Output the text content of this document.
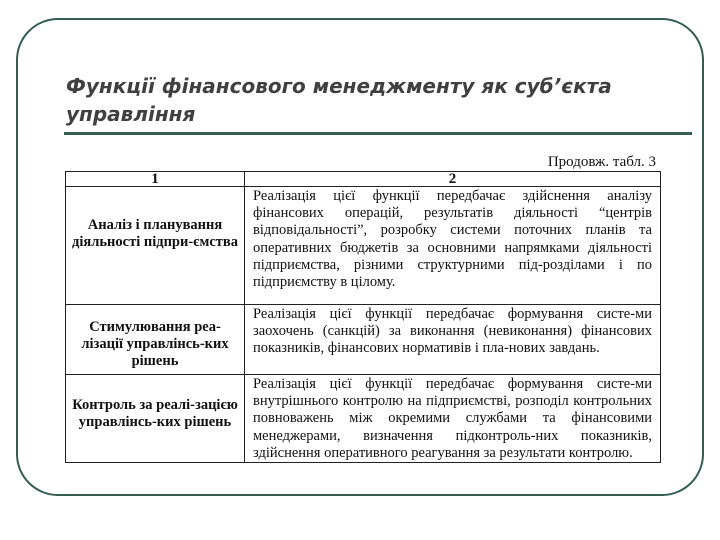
Функції фінансового менеджменту як суб’єкта управління
Продовж. табл. 3
1	2

Аналіз і планування діяльності підпри-ємства	Реалізація цієї функції передбачає здійснення аналізу фінансових операцій, результатів діяльності “центрів відповідальності”, розробку системи поточних планів та оперативних бюджетів за основними напрямками діяльності підприємства, різними структурними під-розділами і по підприємству в цілому.

Стимулювання реа-лізації управлінсь-ких рішень	Реалізація цієї функції передбачає формування систе-ми заохочень (санкцій) за виконання (невиконання) фінансових показників, фінансових нормативів і пла-нових завдань.

Контроль за реалі-зацією управлінсь-ких рішень	Реалізація цієї функції передбачає формування систе-ми внутрішнього контролю на підприємстві, розподіл контрольних повноважень між окремими службами та фінансовими менеджерами, визначення підконтроль-них показників, здійснення оперативного реагування за результати контролю.
